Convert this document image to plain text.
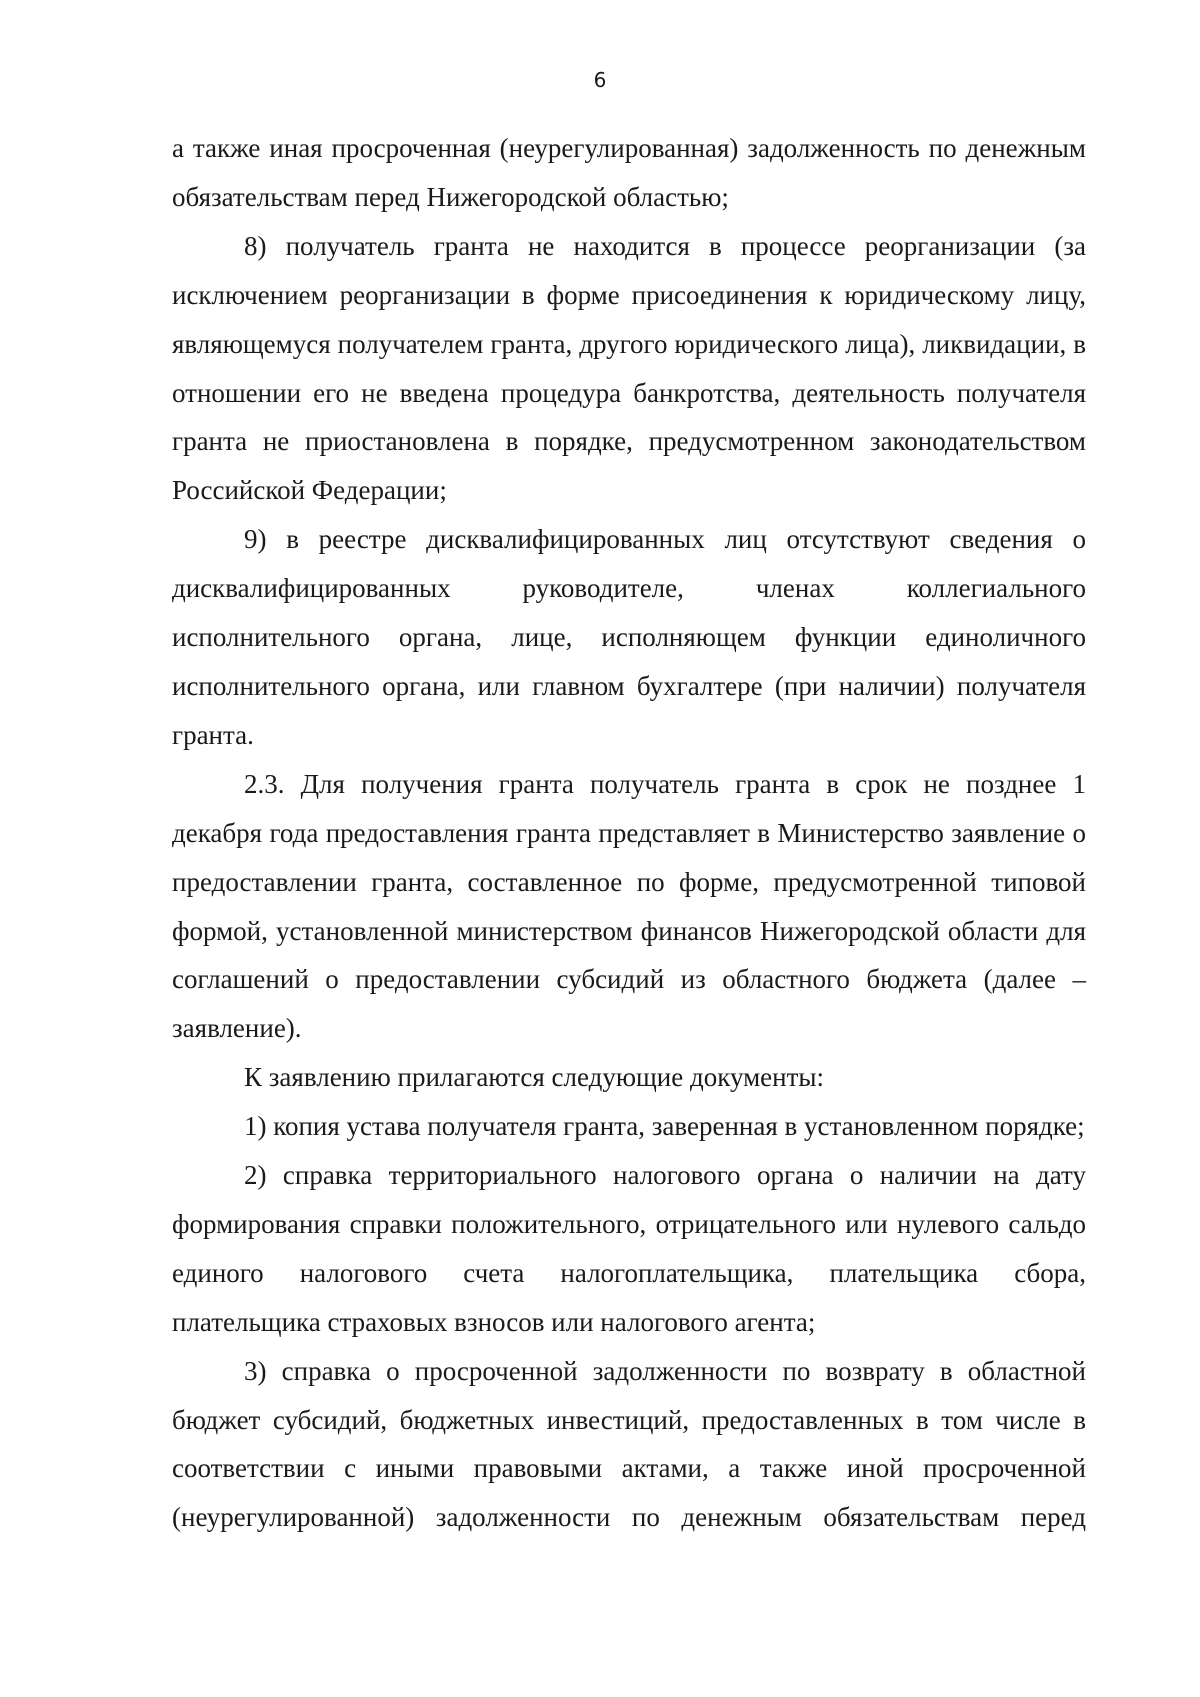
6

а также иная просроченная (неурегулированная) задолженность по денежным обязательствам перед Нижегородской областью;

8) получатель гранта не находится в процессе реорганизации (за исключением реорганизации в форме присоединения к юридическому лицу, являющемуся получателем гранта, другого юридического лица), ликвидации, в отношении его не введена процедура банкротства, деятельность получателя гранта не приостановлена в порядке, предусмотренном законодательством Российской Федерации;

9) в реестре дисквалифицированных лиц отсутствуют сведения о дисквалифицированных руководителе, членах коллегиального исполнительного органа, лице, исполняющем функции единоличного исполнительного органа, или главном бухгалтере (при наличии) получателя гранта.

2.3. Для получения гранта получатель гранта в срок не позднее 1 декабря года предоставления гранта представляет в Министерство заявление о предоставлении гранта, составленное по форме, предусмотренной типовой формой, установленной министерством финансов Нижегородской области для соглашений о предоставлении субсидий из областного бюджета (далее – заявление).

К заявлению прилагаются следующие документы:

1) копия устава получателя гранта, заверенная в установленном порядке;

2) справка территориального налогового органа о наличии на дату формирования справки положительного, отрицательного или нулевого сальдо единого налогового счета налогоплательщика, плательщика сбора, плательщика страховых взносов или налогового агента;

3) справка о просроченной задолженности по возврату в областной бюджет субсидий, бюджетных инвестиций, предоставленных в том числе в соответствии с иными правовыми актами, а также иной просроченной (неурегулированной) задолженности по денежным обязательствам перед
